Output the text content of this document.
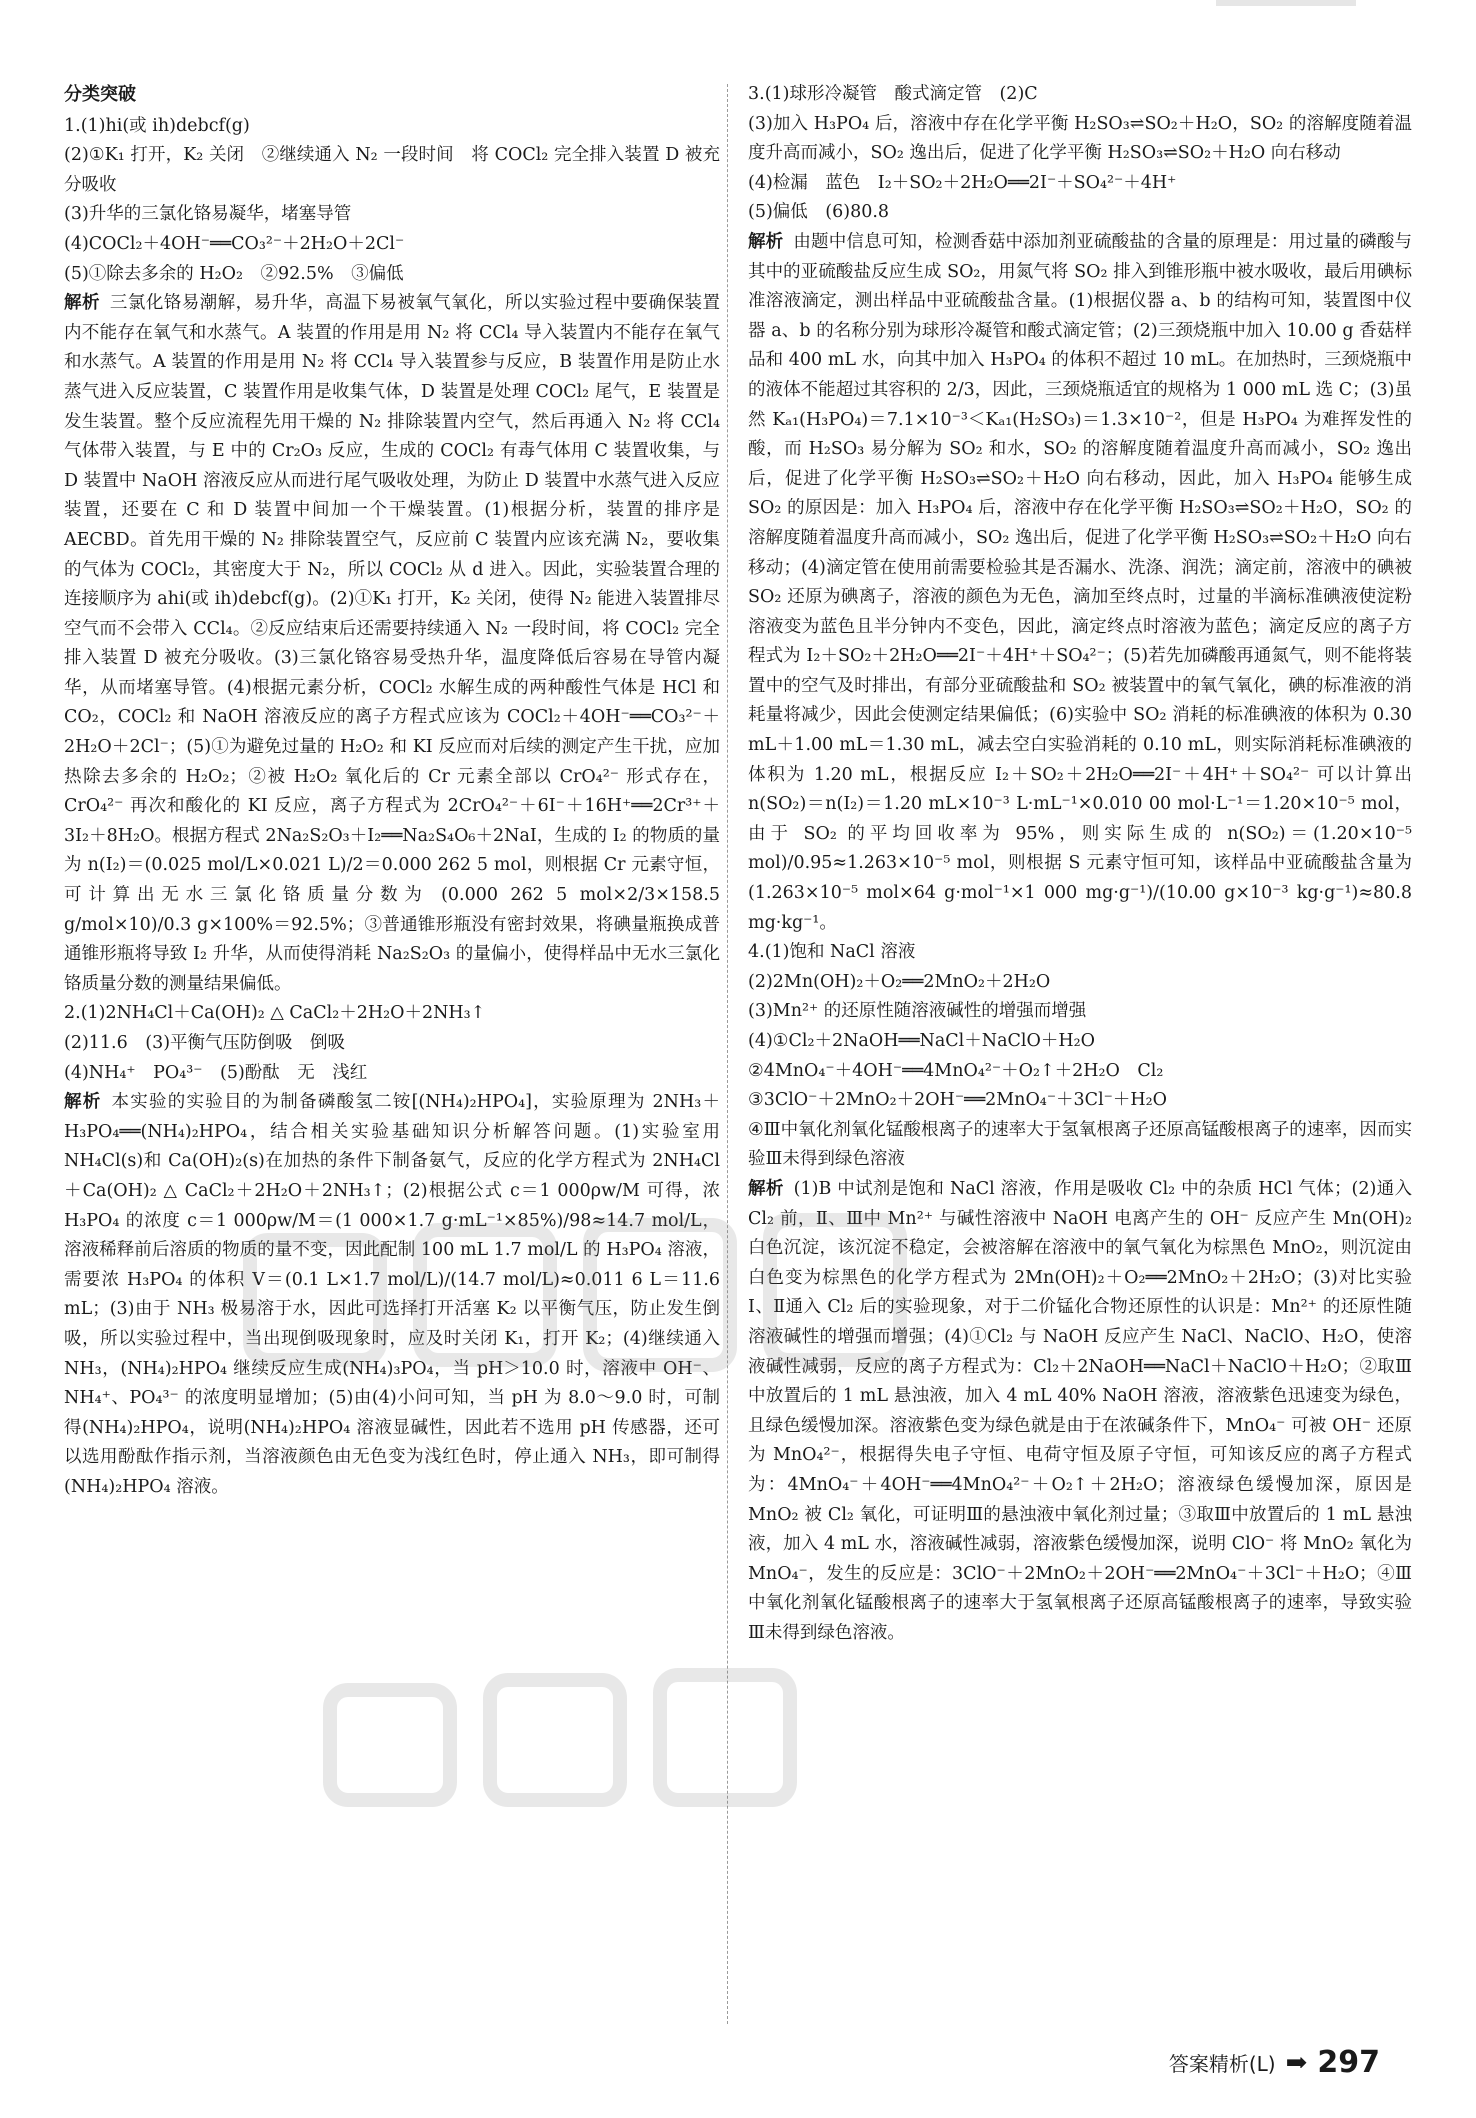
分类突破

1.(1)hi(或 ih)debcf(g)

(2)①K₁ 打开，K₂ 关闭　②继续通入 N₂ 一段时间　将 COCl₂ 完全排入装置 D 被充分吸收

(3)升华的三氯化铬易凝华，堵塞导管

(4)COCl₂＋4OH⁻══CO₃²⁻＋2H₂O＋2Cl⁻

(5)①除去多余的 H₂O₂　②92.5%　③偏低

解析 三氯化铬易潮解，易升华，高温下易被氧气氧化，所以实验过程中要确保装置内不能存在氧气和水蒸气。A 装置的作用是用 N₂ 将 CCl₄ 导入装置内不能存在氧气和水蒸气。A 装置的作用是用 N₂ 将 CCl₄ 导入装置参与反应，B 装置作用是防止水蒸气进入反应装置，C 装置作用是收集气体，D 装置是处理 COCl₂ 尾气，E 装置是发生装置。整个反应流程先用干燥的 N₂ 排除装置内空气，然后再通入 N₂ 将 CCl₄ 气体带入装置，与 E 中的 Cr₂O₃ 反应，生成的 COCl₂ 有毒气体用 C 装置收集，与 D 装置中 NaOH 溶液反应从而进行尾气吸收处理，为防止 D 装置中水蒸气进入反应装置，还要在 C 和 D 装置中间加一个干燥装置。(1)根据分析，装置的排序是 AECBD。首先用干燥的 N₂ 排除装置空气，反应前 C 装置内应该充满 N₂，要收集的气体为 COCl₂，其密度大于 N₂，所以 COCl₂ 从 d 进入。因此，实验装置合理的连接顺序为 ahi(或 ih)debcf(g)。(2)①K₁ 打开，K₂ 关闭，使得 N₂ 能进入装置排尽空气而不会带入 CCl₄。②反应结束后还需要持续通入 N₂ 一段时间，将 COCl₂ 完全排入装置 D 被充分吸收。(3)三氯化铬容易受热升华，温度降低后容易在导管内凝华，从而堵塞导管。(4)根据元素分析，COCl₂ 水解生成的两种酸性气体是 HCl 和 CO₂，COCl₂ 和 NaOH 溶液反应的离子方程式应该为 COCl₂＋4OH⁻══CO₃²⁻＋2H₂O＋2Cl⁻；(5)①为避免过量的 H₂O₂ 和 KI 反应而对后续的测定产生干扰，应加热除去多余的 H₂O₂；②被 H₂O₂ 氧化后的 Cr 元素全部以 CrO₄²⁻ 形式存在，CrO₄²⁻ 再次和酸化的 KI 反应，离子方程式为 2CrO₄²⁻＋6I⁻＋16H⁺══2Cr³⁺＋3I₂＋8H₂O。根据方程式 2Na₂S₂O₃＋I₂══Na₂S₄O₆＋2NaI，生成的 I₂ 的物质的量为 n(I₂)＝(0.025 mol/L×0.021 L)/2＝0.000 262 5 mol，则根据 Cr 元素守恒，可计算出无水三氯化铬质量分数为 (0.000 262 5 mol×2/3×158.5 g/mol×10)/0.3 g×100%＝92.5%；③普通锥形瓶没有密封效果，将碘量瓶换成普通锥形瓶将导致 I₂ 升华，从而使得消耗 Na₂S₂O₃ 的量偏小，使得样品中无水三氯化铬质量分数的测量结果偏低。

2.(1)2NH₄Cl＋Ca(OH)₂ △ CaCl₂＋2H₂O＋2NH₃↑

(2)11.6　(3)平衡气压防倒吸　倒吸

(4)NH₄⁺　PO₄³⁻　(5)酚酞　无　浅红

解析 本实验的实验目的为制备磷酸氢二铵[(NH₄)₂HPO₄]，实验原理为 2NH₃＋H₃PO₄══(NH₄)₂HPO₄，结合相关实验基础知识分析解答问题。(1)实验室用 NH₄Cl(s)和 Ca(OH)₂(s)在加热的条件下制备氨气，反应的化学方程式为 2NH₄Cl＋Ca(OH)₂ △ CaCl₂＋2H₂O＋2NH₃↑；(2)根据公式 c＝1 000ρw/M 可得，浓 H₃PO₄ 的浓度 c＝1 000ρw/M＝(1 000×1.7 g·mL⁻¹×85%)/98≈14.7 mol/L，溶液稀释前后溶质的物质的量不变，因此配制 100 mL 1.7 mol/L 的 H₃PO₄ 溶液，需要浓 H₃PO₄ 的体积 V＝(0.1 L×1.7 mol/L)/(14.7 mol/L)≈0.011 6 L＝11.6 mL；(3)由于 NH₃ 极易溶于水，因此可选择打开活塞 K₂ 以平衡气压，防止发生倒吸，所以实验过程中，当出现倒吸现象时，应及时关闭 K₁，打开 K₂；(4)继续通入 NH₃，(NH₄)₂HPO₄ 继续反应生成(NH₄)₃PO₄，当 pH＞10.0 时，溶液中 OH⁻、NH₄⁺、PO₄³⁻ 的浓度明显增加；(5)由(4)小问可知，当 pH 为 8.0～9.0 时，可制得(NH₄)₂HPO₄，说明(NH₄)₂HPO₄ 溶液显碱性，因此若不选用 pH 传感器，还可以选用酚酞作指示剂，当溶液颜色由无色变为浅红色时，停止通入 NH₃，即可制得(NH₄)₂HPO₄ 溶液。

3.(1)球形冷凝管　酸式滴定管　(2)C

(3)加入 H₃PO₄ 后，溶液中存在化学平衡 H₂SO₃⇌SO₂＋H₂O，SO₂ 的溶解度随着温度升高而减小，SO₂ 逸出后，促进了化学平衡 H₂SO₃⇌SO₂＋H₂O 向右移动

(4)检漏　蓝色　I₂＋SO₂＋2H₂O══2I⁻＋SO₄²⁻＋4H⁺

(5)偏低　(6)80.8

解析 由题中信息可知，检测香菇中添加剂亚硫酸盐的含量的原理是：用过量的磷酸与其中的亚硫酸盐反应生成 SO₂，用氮气将 SO₂ 排入到锥形瓶中被水吸收，最后用碘标准溶液滴定，测出样品中亚硫酸盐含量。(1)根据仪器 a、b 的结构可知，装置图中仪器 a、b 的名称分别为球形冷凝管和酸式滴定管；(2)三颈烧瓶中加入 10.00 g 香菇样品和 400 mL 水，向其中加入 H₃PO₄ 的体积不超过 10 mL。在加热时，三颈烧瓶中的液体不能超过其容积的 2/3，因此，三颈烧瓶适宜的规格为 1 000 mL 选 C；(3)虽然 Kₐ₁(H₃PO₄)＝7.1×10⁻³＜Kₐ₁(H₂SO₃)＝1.3×10⁻²，但是 H₃PO₄ 为难挥发性的酸，而 H₂SO₃ 易分解为 SO₂ 和水，SO₂ 的溶解度随着温度升高而减小，SO₂ 逸出后，促进了化学平衡 H₂SO₃⇌SO₂＋H₂O 向右移动，因此，加入 H₃PO₄ 能够生成 SO₂ 的原因是：加入 H₃PO₄ 后，溶液中存在化学平衡 H₂SO₃⇌SO₂＋H₂O，SO₂ 的溶解度随着温度升高而减小，SO₂ 逸出后，促进了化学平衡 H₂SO₃⇌SO₂＋H₂O 向右移动；(4)滴定管在使用前需要检验其是否漏水、洗涤、润洗；滴定前，溶液中的碘被 SO₂ 还原为碘离子，溶液的颜色为无色，滴加至终点时，过量的半滴标准碘液使淀粉溶液变为蓝色且半分钟内不变色，因此，滴定终点时溶液为蓝色；滴定反应的离子方程式为 I₂＋SO₂＋2H₂O══2I⁻＋4H⁺＋SO₄²⁻；(5)若先加磷酸再通氮气，则不能将装置中的空气及时排出，有部分亚硫酸盐和 SO₂ 被装置中的氧气氧化，碘的标准液的消耗量将减少，因此会使测定结果偏低；(6)实验中 SO₂ 消耗的标准碘液的体积为 0.30 mL＋1.00 mL＝1.30 mL，减去空白实验消耗的 0.10 mL，则实际消耗标准碘液的体积为 1.20 mL，根据反应 I₂＋SO₂＋2H₂O══2I⁻＋4H⁺＋SO₄²⁻ 可以计算出 n(SO₂)＝n(I₂)＝1.20 mL×10⁻³ L·mL⁻¹×0.010 00 mol·L⁻¹＝1.20×10⁻⁵ mol，由于 SO₂ 的平均回收率为 95%，则实际生成的 n(SO₂)＝(1.20×10⁻⁵ mol)/0.95≈1.263×10⁻⁵ mol，则根据 S 元素守恒可知，该样品中亚硫酸盐含量为 (1.263×10⁻⁵ mol×64 g·mol⁻¹×1 000 mg·g⁻¹)/(10.00 g×10⁻³ kg·g⁻¹)≈80.8 mg·kg⁻¹。

4.(1)饱和 NaCl 溶液

(2)2Mn(OH)₂＋O₂══2MnO₂＋2H₂O

(3)Mn²⁺ 的还原性随溶液碱性的增强而增强

(4)①Cl₂＋2NaOH══NaCl＋NaClO＋H₂O

②4MnO₄⁻＋4OH⁻══4MnO₄²⁻＋O₂↑＋2H₂O　Cl₂

③3ClO⁻＋2MnO₂＋2OH⁻══2MnO₄⁻＋3Cl⁻＋H₂O

④Ⅲ中氧化剂氧化锰酸根离子的速率大于氢氧根离子还原高锰酸根离子的速率，因而实验Ⅲ未得到绿色溶液

解析 (1)B 中试剂是饱和 NaCl 溶液，作用是吸收 Cl₂ 中的杂质 HCl 气体；(2)通入 Cl₂ 前，Ⅱ、Ⅲ中 Mn²⁺ 与碱性溶液中 NaOH 电离产生的 OH⁻ 反应产生 Mn(OH)₂ 白色沉淀，该沉淀不稳定，会被溶解在溶液中的氧气氧化为棕黑色 MnO₂，则沉淀由白色变为棕黑色的化学方程式为 2Mn(OH)₂＋O₂══2MnO₂＋2H₂O；(3)对比实验Ⅰ、Ⅱ通入 Cl₂ 后的实验现象，对于二价锰化合物还原性的认识是：Mn²⁺ 的还原性随溶液碱性的增强而增强；(4)①Cl₂ 与 NaOH 反应产生 NaCl、NaClO、H₂O，使溶液碱性减弱，反应的离子方程式为：Cl₂＋2NaOH══NaCl＋NaClO＋H₂O；②取Ⅲ中放置后的 1 mL 悬浊液，加入 4 mL 40% NaOH 溶液，溶液紫色迅速变为绿色，且绿色缓慢加深。溶液紫色变为绿色就是由于在浓碱条件下，MnO₄⁻ 可被 OH⁻ 还原为 MnO₄²⁻，根据得失电子守恒、电荷守恒及原子守恒，可知该反应的离子方程式为：4MnO₄⁻＋4OH⁻══4MnO₄²⁻＋O₂↑＋2H₂O；溶液绿色缓慢加深，原因是 MnO₂ 被 Cl₂ 氧化，可证明Ⅲ的悬浊液中氧化剂过量；③取Ⅲ中放置后的 1 mL 悬浊液，加入 4 mL 水，溶液碱性减弱，溶液紫色缓慢加深，说明 ClO⁻ 将 MnO₂ 氧化为 MnO₄⁻，发生的反应是：3ClO⁻＋2MnO₂＋2OH⁻══2MnO₄⁻＋3Cl⁻＋H₂O；④Ⅲ中氧化剂氧化锰酸根离子的速率大于氢氧根离子还原高锰酸根离子的速率，导致实验Ⅲ未得到绿色溶液。

答案精析(L) ➡ 297
